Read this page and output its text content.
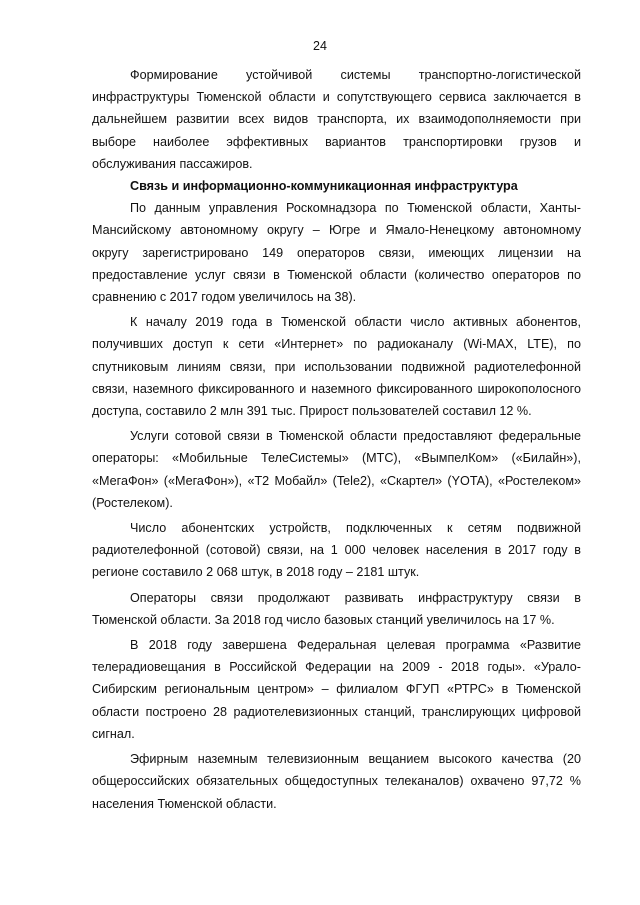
24

Формирование устойчивой системы транспортно-логистической инфраструктуры Тюменской области и сопутствующего сервиса заключается в дальнейшем развитии всех видов транспорта, их взаимодополняемости при выборе наиболее эффективных вариантов транспортировки грузов и обслуживания пассажиров.

Связь и информационно-коммуникационная инфраструктура

По данным управления Роскомнадзора по Тюменской области, Ханты-Мансийскому автономному округу – Югре и Ямало-Ненецкому автономному округу зарегистрировано 149 операторов связи, имеющих лицензии на предоставление услуг связи в Тюменской области (количество операторов по сравнению с 2017 годом увеличилось на 38).

К началу 2019 года в Тюменской области число активных абонентов, получивших доступ к сети «Интернет» по радиоканалу (Wi-MAX, LTE), по спутниковым линиям связи, при использовании подвижной радиотелефонной связи, наземного фиксированного и наземного фиксированного широкополосного доступа, составило 2 млн 391 тыс. Прирост пользователей составил 12 %.

Услуги сотовой связи в Тюменской области предоставляют федеральные операторы: «Мобильные ТелеСистемы» (МТС), «ВымпелКом» («Билайн»), «МегаФон» («МегаФон»), «Т2 Мобайл» (Tele2), «Скартел» (YOTA), «Ростелеком» (Ростелеком).

Число абонентских устройств, подключенных к сетям подвижной радиотелефонной (сотовой) связи, на 1 000 человек населения в 2017 году в регионе составило 2 068 штук, в 2018 году – 2181 штук.

Операторы связи продолжают развивать инфраструктуру связи в Тюменской области. За 2018 год число базовых станций увеличилось на 17 %.

В 2018 году завершена Федеральная целевая программа «Развитие телерадиовещания в Российской Федерации на 2009 - 2018 годы». «Урало-Сибирским региональным центром» – филиалом ФГУП «РТРС» в Тюменской области построено 28 радиотелевизионных станций, транслирующих цифровой сигнал.

Эфирным наземным телевизионным вещанием высокого качества (20 общероссийских обязательных общедоступных телеканалов) охвачено 97,72 % населения Тюменской области.
